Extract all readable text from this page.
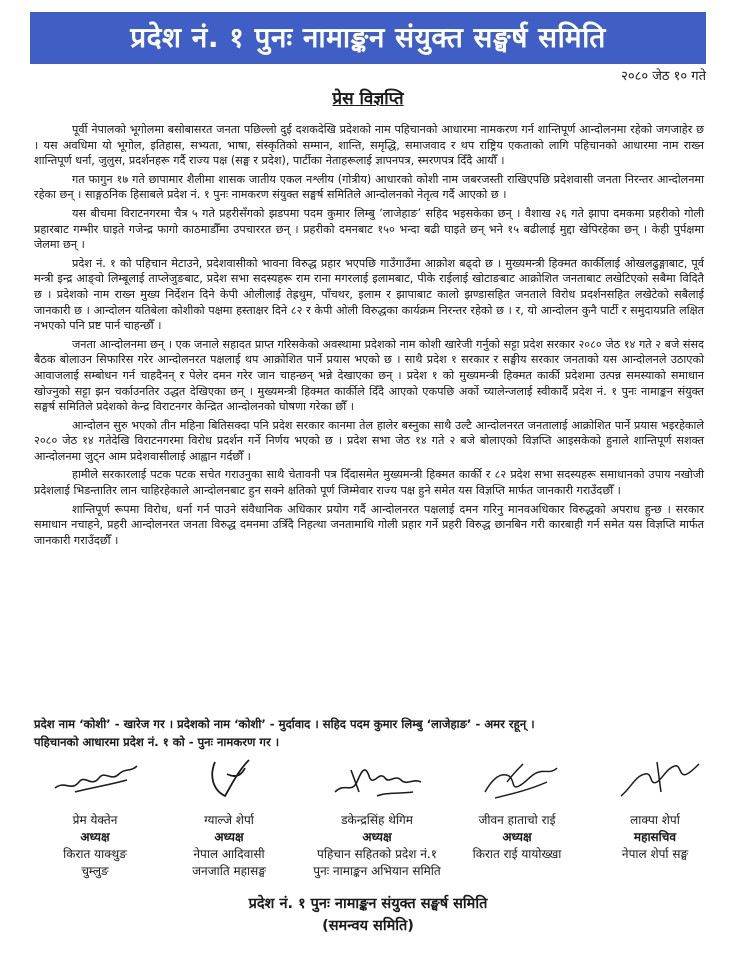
प्रदेश नं. १ पुनः नामाङ्कन संयुक्त सङ्घर्ष समिति
२०८० जेठ १० गते
प्रेस विज्ञप्ति

पूर्वी नेपालको भूगोलमा बसोबासरत जनता पछिल्लो दुई दशकदेखि प्रदेशको नाम पहिचानको आधारमा नामकरण गर्न शान्तिपूर्ण आन्दोलनमा रहेको जगजाहेर छ । यस अवधिमा यो भूगोल, इतिहास, सभ्यता, भाषा, संस्कृतिको सम्मान, शान्ति, समृद्धि, समाजवाद र थप राष्ट्रिय एकताको लागि पहिचानको आधारमा नाम राख्न शान्तिपूर्ण धर्ना, जुलुस, प्रदर्शनहरू गर्दै राज्य पक्ष (सङ्घ र प्रदेश), पार्टीका नेताहरूलाई ज्ञापनपत्र, स्मरणपत्र दिँदै आयौँ ।

गत फागुन १७ गते छापामार शैलीमा शासक जातीय एकल नश्लीय (गोत्रीय) आधारको कोशी नाम जबरजस्ती राखिएपछि प्रदेशवासी जनता निरन्तर आन्दोलनमा रहेका छन् । साङ्गठनिक हिसाबले प्रदेश नं. १ पुनः नामकरण संयुक्त सङ्घर्ष समितिले आन्दोलनको नेतृत्व गर्दै आएको छ ।

यस बीचमा विराटनगरमा चैत्र ५ गते प्रहरीसँगको झडपमा पदम कुमार लिम्बु ‘लाजेहाङ’ सहिद भइसकेका छन् । वैशाख २६ गते झापा दमकमा प्रहरीको गोली प्रहारबाट गम्भीर घाइते गजेन्द्र फागो काठमाडौँमा उपचाररत छन् । प्रहरीको दमनबाट १५० भन्दा बढी घाइते छन् भने १५ बढीलाई मुद्दा खेपिरहेका छन् । केही पुर्पक्षमा जेलमा छन् ।

प्रदेश नं. १ को पहिचान मेटाउने, प्रदेशवासीको भावना विरुद्ध प्रहार भएपछि गाउँगाउँमा आक्रोश बढ्दो छ । मुख्यमन्त्री हिक्मत कार्कीलाई ओखलढुङ्गाबाट, पूर्व मन्त्री इन्द्र आङ्वो लिम्बूलाई ताप्लेजुङबाट, प्रदेश सभा सदस्यहरू राम राना मगरलाई इलामबाट, पीके राईलाई खोटाङबाट आक्रोशित जनताबाट लखेटिएको सबैमा विदितै छ । प्रदेशको नाम राख्न मुख्य निर्देशन दिने केपी ओलीलाई तेह्रथुम, पाँचथर, इलाम र झापाबाट कालो झण्डासहित जनताले विरोध प्रदर्शनसहित लखेटेको सबैलाई जानकारी छ । आन्दोलन यतिबेला कोशीको पक्षमा हस्ताक्षर दिने ८२ र केपी ओली विरुद्धका कार्यक्रम निरन्तर रहेको छ । र, यो आन्दोलन कुनै पार्टी र समुदायप्रति लक्षित नभएको पनि प्रष्ट पार्न चाहन्छौँ ।

जनता आन्दोलनमा छन् । एक जनाले सहादत प्राप्त गरिसकेको अवस्थामा प्रदेशको नाम कोशी खारेजी गर्नुको सट्टा प्रदेश सरकार २०८० जेठ १४ गते २ बजे संसद बैठक बोलाउन सिफारिस गरेर आन्दोलनरत पक्षलाई थप आक्रोशित पार्ने प्रयास भएको छ । साथै प्रदेश १ सरकार र सङ्घीय सरकार जनताको यस आन्दोलनले उठाएको आवाजलाई सम्बोधन गर्न चाहदैनन् र पेलेर दमन गरेर जान चाहन्छन् भन्ने देखाएका छन् । प्रदेश १ को मुख्यमन्त्री हिक्मत कार्की प्रदेशमा उत्पन्न समस्याको समाधान खोज्नुको सट्टा झन चर्काउनतिर उद्धत देखिएका छन् । मुख्यमन्त्री हिक्मत कार्कीले दिँदै आएको एकपछि अर्को च्यालेन्जलाई स्वीकार्दै प्रदेश नं. १ पुनः नामाङ्कन संयुक्त सङ्घर्ष समितिले प्रदेशको केन्द्र विराटनगर केन्द्रित आन्दोलनको घोषणा गरेका छौँ ।

आन्दोलन सुरु भएको तीन महिना बितिसक्दा पनि प्रदेश सरकार कानमा तेल हालेर बस्नुका साथै उल्टै आन्दोलनरत जनतालाई आक्रोशित पार्ने प्रयास भइरहेकाले २०८० जेठ १४ गतेदेखि विराटनगरमा विरोध प्रदर्शन गर्ने निर्णय भएको छ । प्रदेश सभा जेठ १४ गते २ बजे बोलाएको विज्ञप्ति आइसकेको हुनाले शान्तिपूर्ण सशक्त आन्दोलनमा जुट्न आम प्रदेशवासीलाई आह्वान गर्दछौँ ।

हामीले सरकारलाई पटक पटक सचेत गराउनुका साथै चेतावनी पत्र दिँदासमेत मुख्यमन्त्री हिक्मत कार्की र ८२ प्रदेश सभा सदस्यहरू समाधानको उपाय नखोजी प्रदेशलाई भिडन्तातिर लान चाहिरहेकाले आन्दोलनबाट हुन सक्ने क्षतिको पूर्ण जिम्मेवार राज्य पक्ष हुने समेत यस विज्ञप्ति मार्फत जानकारी गराउँदछौँ ।

शान्तिपूर्ण रूपमा विरोध, धर्ना गर्न पाउने संवैधानिक अधिकार प्रयोग गर्दै आन्दोलनरत पक्षलाई दमन गरिनु मानवअधिकार विरुद्धको अपराध हुन्छ । सरकार समाधान नचाहने, प्रहरी आन्दोलनरत जनता विरुद्ध दमनमा उत्रिँदै निहत्था जनतामाथि गोली प्रहार गर्ने प्रहरी विरुद्ध छानबिन गरी कारबाही गर्न समेत यस विज्ञप्ति मार्फत जानकारी गराउँदछौँ ।

प्रदेश नाम ‘कोशी’ - खारेज गर । प्रदेशको नाम ‘कोशी’ - मुर्दावाद । सहिद पदम कुमार लिम्बु ‘लाजेहाङ’ - अमर रहून् ।
पहिचानको आधारमा प्रदेश नं. १ को - पुनः नामकरण गर ।
प्रेम येक्तेन
अध्यक्ष
किरात याक्थुङ
चुम्लुङ
ग्याल्जे शेर्पा
अध्यक्ष
नेपाल आदिवासी
जनजाति महासङ्घ
डकेन्द्रसिंह थेगिम
अध्यक्ष
पहिचान सहितको प्रदेश नं.१
पुनः नामाङ्कन अभियान समिति
जीवन हाताचो राई
अध्यक्ष
किरात राई यायोख्खा
लाक्पा शेर्पा
महासचिव
नेपाल शेर्पा सङ्घ
प्रदेश नं. १ पुनः नामाङ्कन संयुक्त सङ्घर्ष समिति
(समन्वय समिति)
